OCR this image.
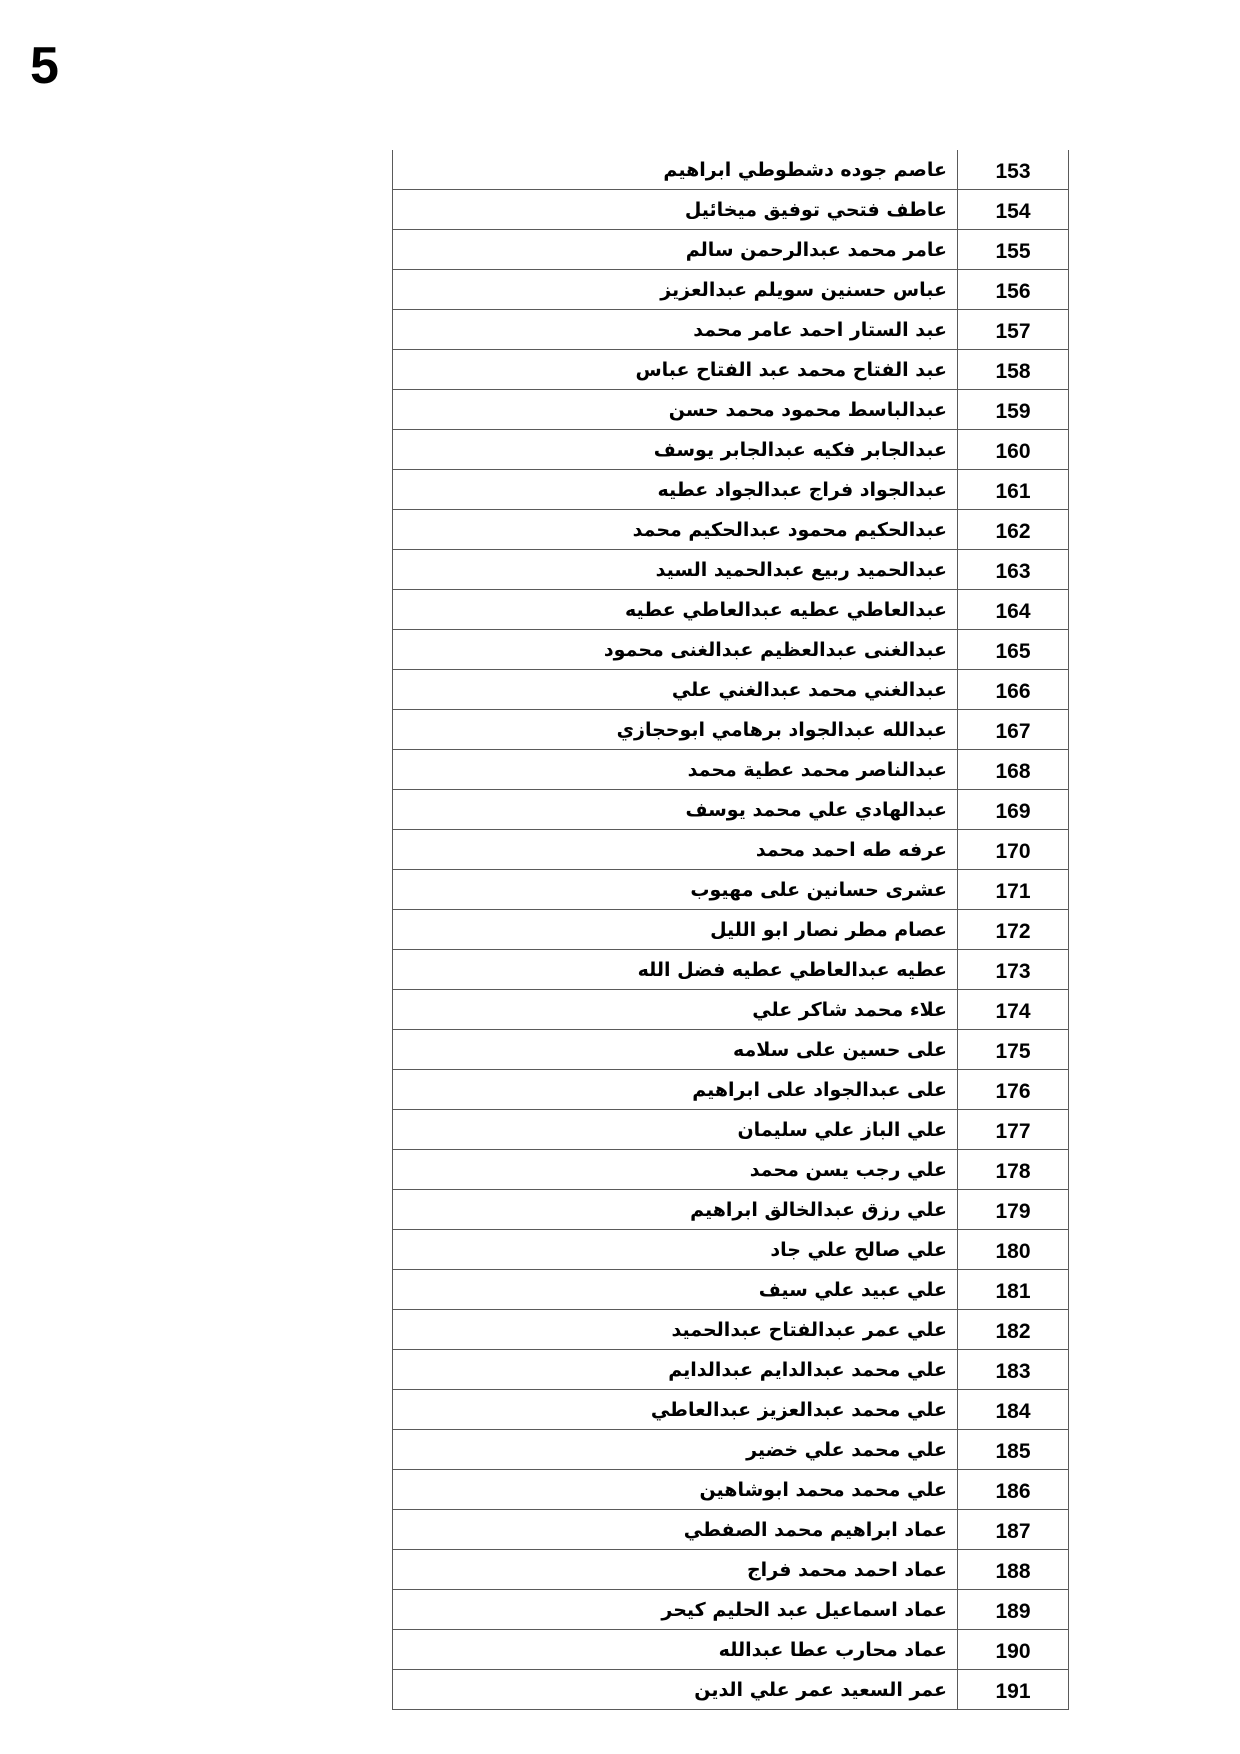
5
عاصم جوده دشطوطي ابراهيم	153
عاطف فتحي توفيق ميخائيل	154
عامر محمد عبدالرحمن سالم	155
عباس حسنين سويلم عبدالعزيز	156
عبد الستار احمد عامر محمد	157
عبد الفتاح محمد عبد الفتاح عباس	158
عبدالباسط محمود محمد حسن	159
عبدالجابر فكيه عبدالجابر يوسف	160
عبدالجواد فراج عبدالجواد عطيه	161
عبدالحكيم محمود عبدالحكيم محمد	162
عبدالحميد ربيع عبدالحميد السيد	163
عبدالعاطي عطيه عبدالعاطي عطيه	164
عبدالغنى عبدالعظيم عبدالغنى محمود	165
عبدالغني محمد عبدالغني علي	166
عبدالله عبدالجواد برهامي ابوحجازي	167
عبدالناصر محمد عطية محمد	168
عبدالهادي علي محمد يوسف	169
عرفه طه احمد محمد	170
عشرى حسانين على مهيوب	171
عصام مطر نصار ابو الليل	172
عطيه عبدالعاطي عطيه فضل الله	173
علاء محمد شاكر علي	174
على حسين على سلامه	175
على عبدالجواد على ابراهيم	176
علي الباز علي سليمان	177
علي رجب يسن محمد	178
علي رزق عبدالخالق ابراهيم	179
علي صالح علي جاد	180
علي عبيد علي سيف	181
علي عمر عبدالفتاح عبدالحميد	182
علي محمد عبدالدايم عبدالدايم	183
علي محمد عبدالعزيز عبدالعاطي	184
علي محمد علي خضير	185
علي محمد محمد ابوشاهين	186
عماد ابراهيم محمد الصفطي	187
عماد احمد محمد فراج	188
عماد اسماعيل عبد الحليم كيحر	189
عماد محارب عطا عبدالله	190
عمر السعيد عمر علي الدين	191
